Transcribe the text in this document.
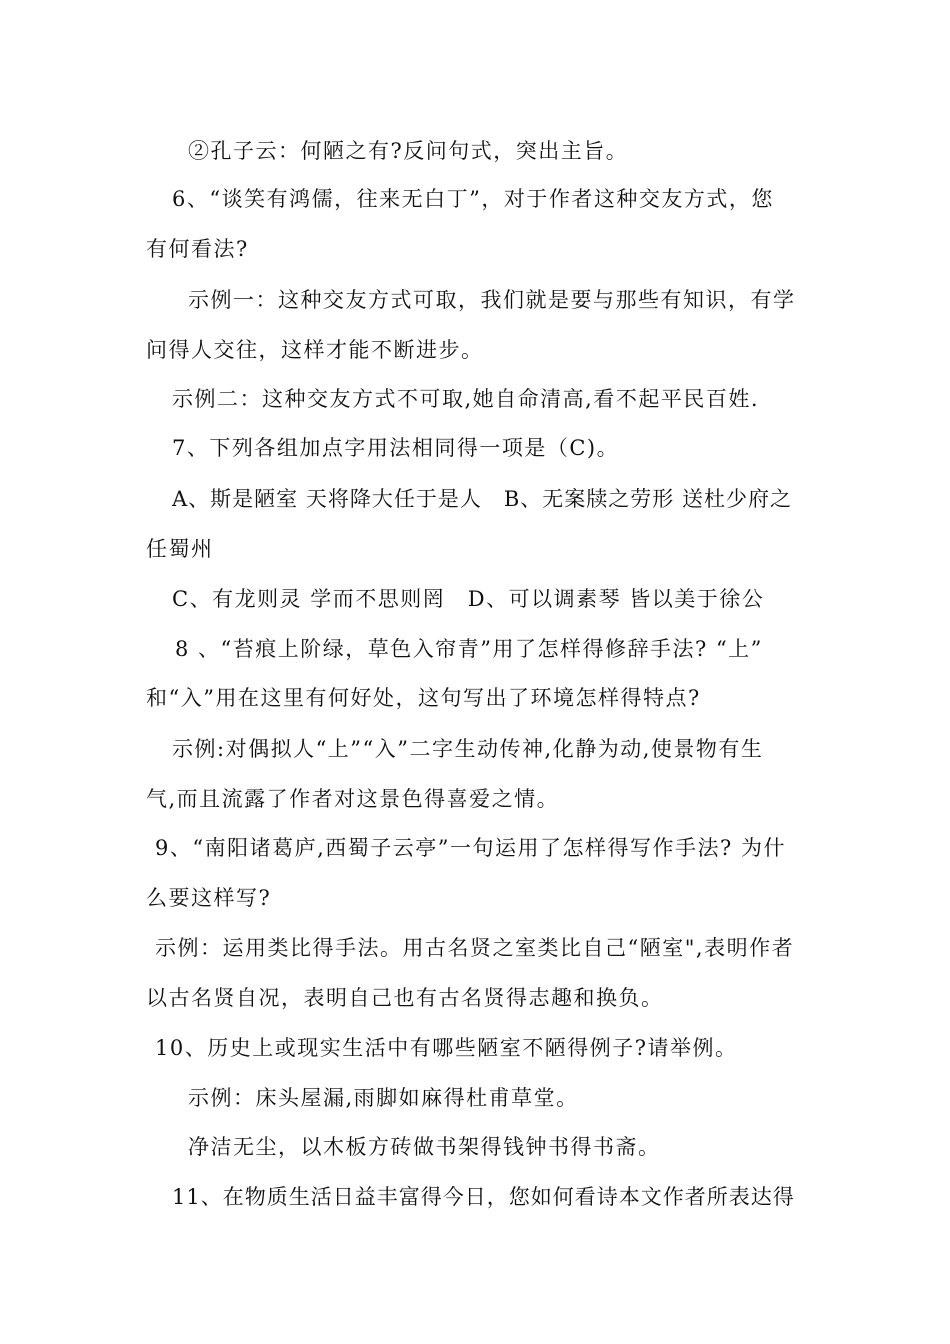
②孔子云：何陋之有?反问句式，突出主旨。
6、“谈笑有鸿儒，往来无白丁”，对于作者这种交友方式，您
有何看法?
示例一：这种交友方式可取，我们就是要与那些有知识，有学
问得人交往，这样才能不断进步。
示例二：这种交友方式不可取,她自命清高,看不起平民百姓.
7、下列各组加点字用法相同得一项是（C)。
A、斯是陋室 天将降大任于是人　B、无案牍之劳形 送杜少府之
任蜀州
C、有龙则灵 学而不思则罔　D、可以调素琴 皆以美于徐公
8 、“苔痕上阶绿，草色入帘青”用了怎样得修辞手法? “上”
和“入”用在这里有何好处，这句写出了环境怎样得特点?
示例:对偶拟人“上”“入”二字生动传神,化静为动,使景物有生
气,而且流露了作者对这景色得喜爱之情。
9、“南阳诸葛庐,西蜀子云亭”一句运用了怎样得写作手法? 为什
么要这样写?
示例：运用类比得手法。用古名贤之室类比自己“陋室",表明作者
以古名贤自况，表明自己也有古名贤得志趣和换负。
10、历史上或现实生活中有哪些陋室不陋得例子?请举例。
示例：床头屋漏,雨脚如麻得杜甫草堂。
净洁无尘，以木板方砖做书架得钱钟书得书斋。
11、在物质生活日益丰富得今日，您如何看诗本文作者所表达得
